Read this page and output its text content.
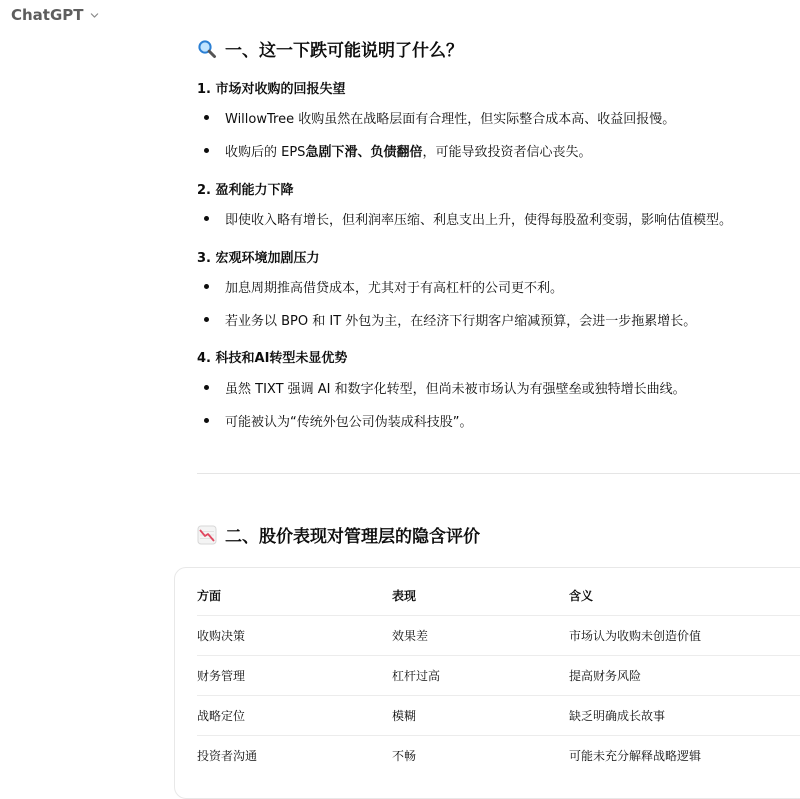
ChatGPT
一、这一下跌可能说明了什么？
1. 市场对收购的回报失望
WillowTree 收购虽然在战略层面有合理性，但实际整合成本高、收益回报慢。
收购后的 EPS 急剧下滑 、 负债翻倍 ，可能导致投资者信心丧失。
2. 盈利能力下降
即使收入略有增长，但利润率压缩、利息支出上升，使得每股盈利变弱，影响估值模型。
3. 宏观环境加剧压力
加息周期推高借贷成本，尤其对于有高杠杆的公司更不利。
若业务以 BPO 和 IT 外包为主，在经济下行期客户缩减预算，会进一步拖累增长。
4. 科技和AI转型未显优势
虽然 TIXT 强调 AI 和数字化转型，但尚未被市场认为有强壁垒或独特增长曲线。
可能被认为“传统外包公司伪装成科技股”。
二、股价表现对管理层的隐含评价
方面	表现	含义
收购决策	效果差	市场认为收购未创造价值
财务管理	杠杆过高	提高财务风险
战略定位	模糊	缺乏明确成长故事
投资者沟通	不畅	可能未充分解释战略逻辑
